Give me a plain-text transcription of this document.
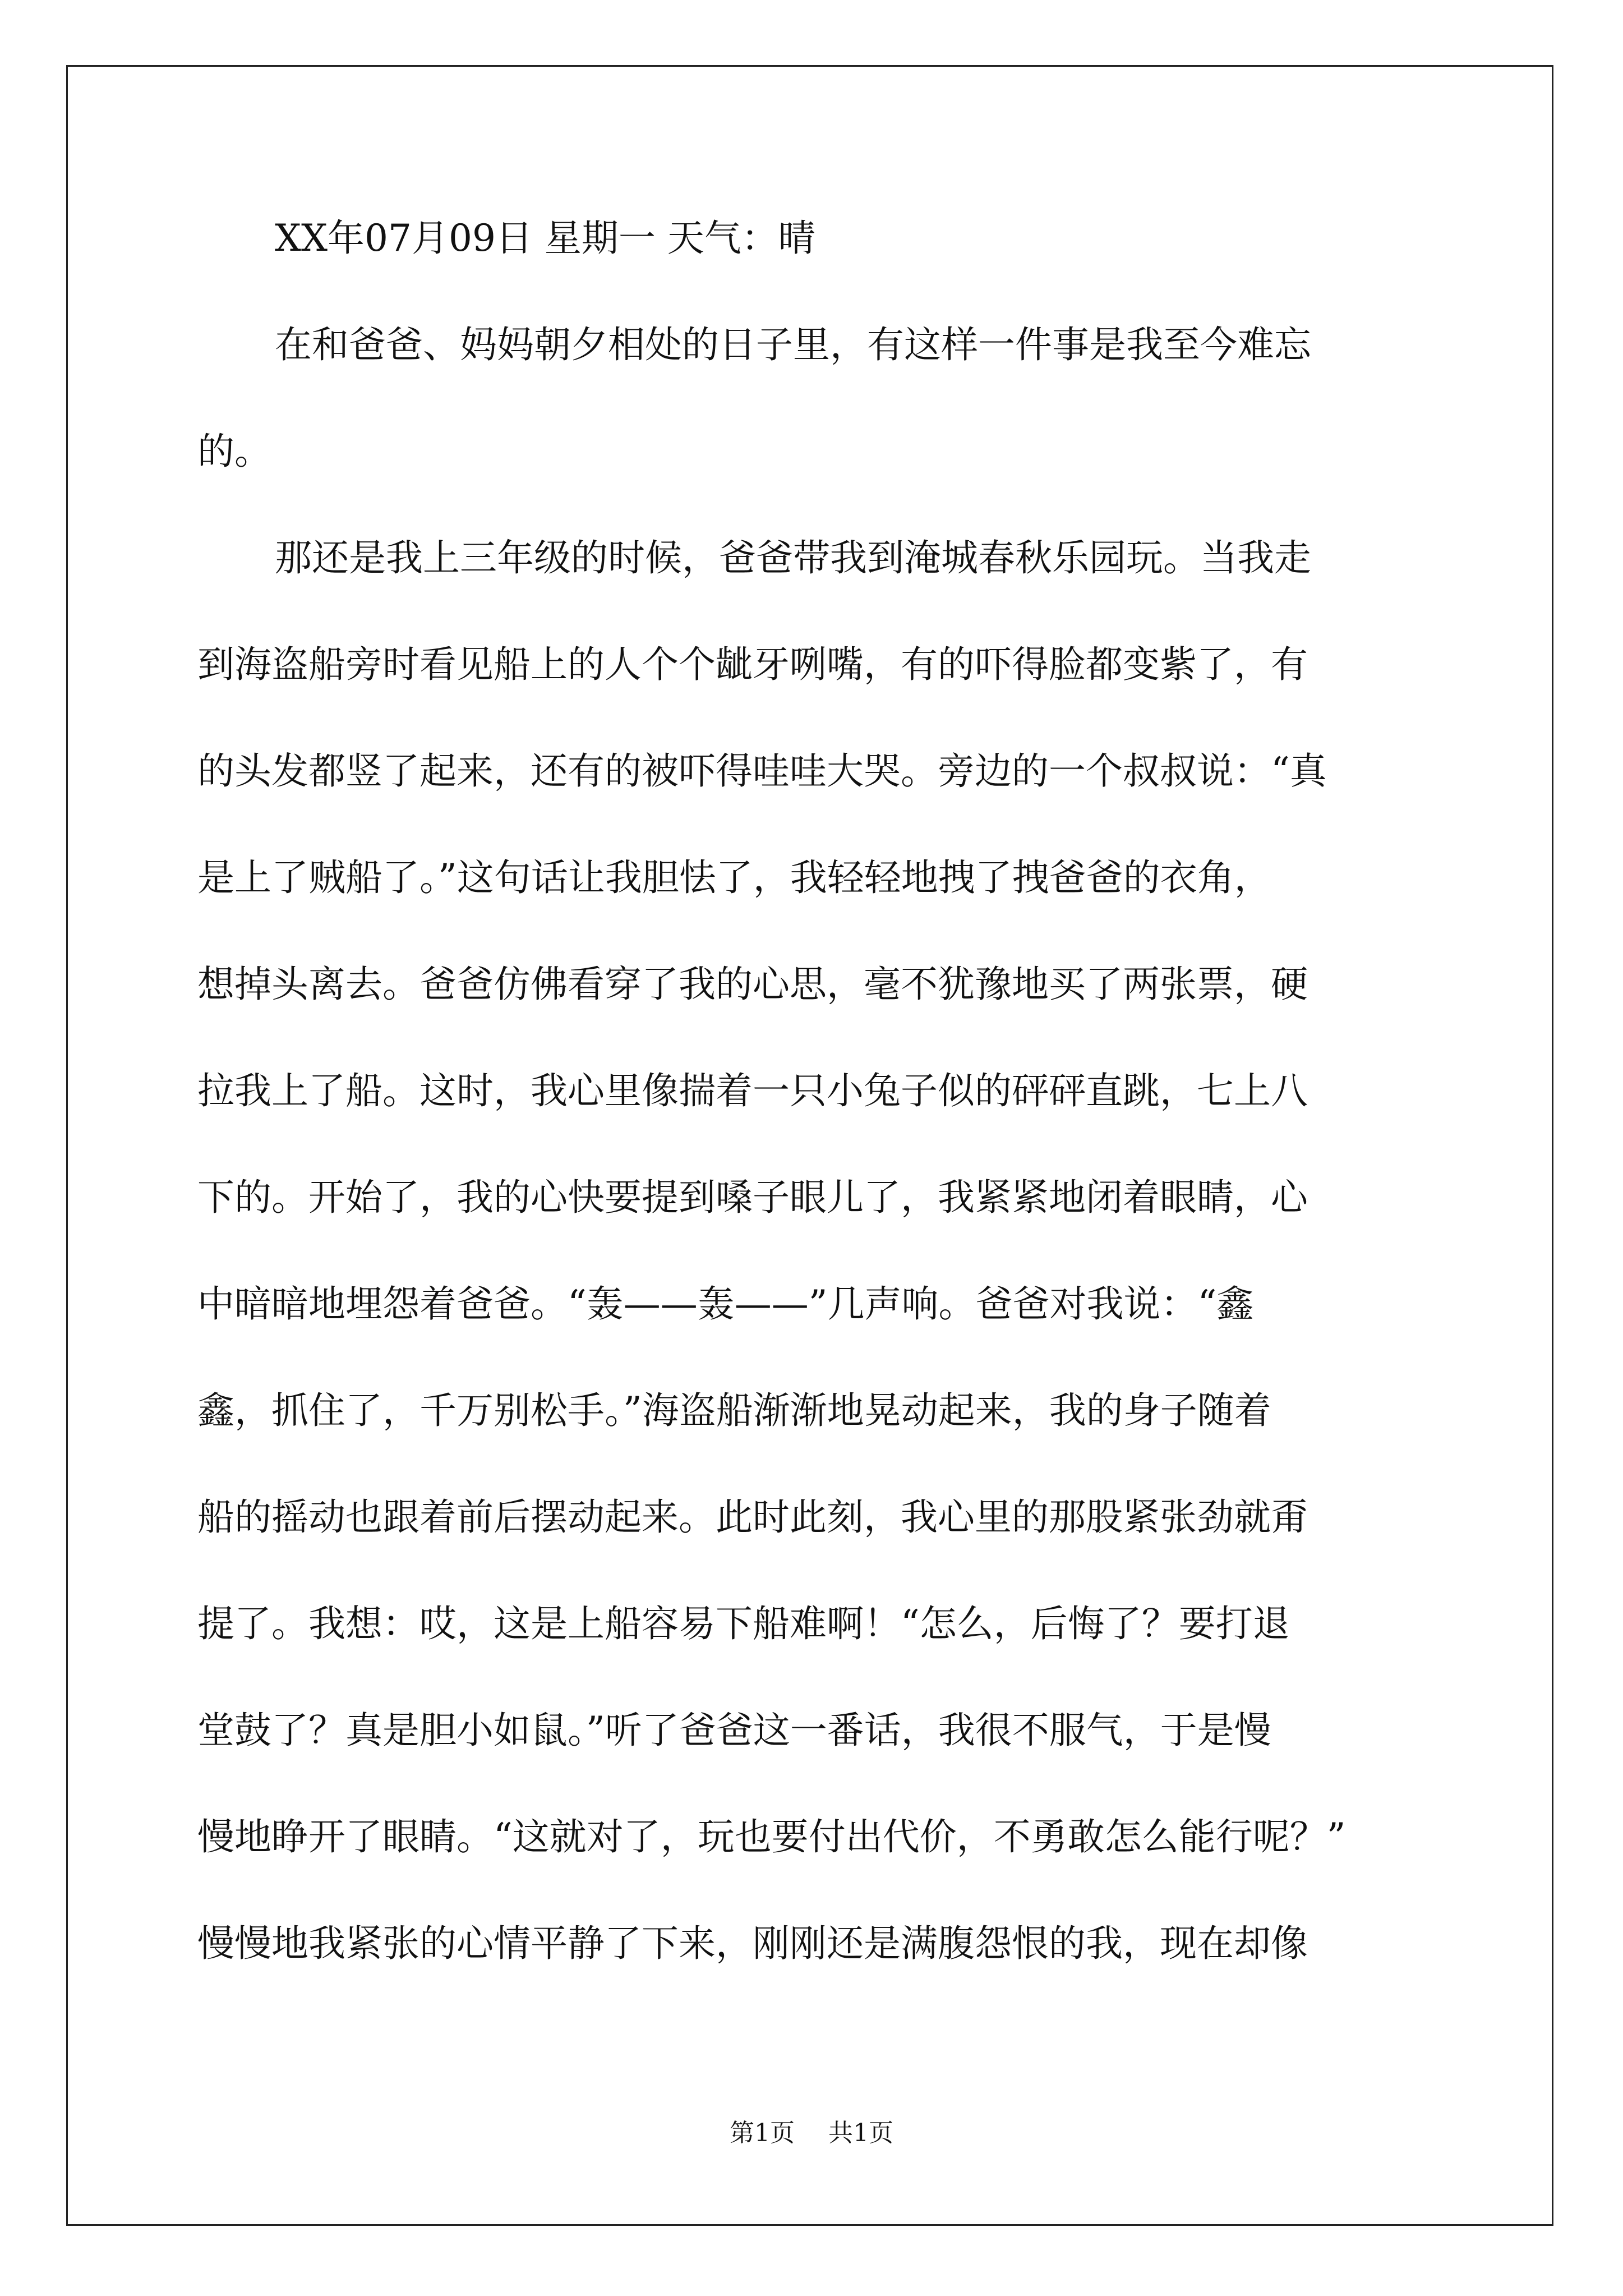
XX年07月09日 星期一 天气：晴
在和爸爸、妈妈朝夕相处的日子里，有这样一件事是我至今难忘
的。
那还是我上三年级的时候，爸爸带我到淹城春秋乐园玩。当我走
到海盗船旁时看见船上的人个个龇牙咧嘴，有的吓得脸都变紫了，有
的头发都竖了起来，还有的被吓得哇哇大哭。旁边的一个叔叔说：“真
是上了贼船了。”这句话让我胆怯了，我轻轻地拽了拽爸爸的衣角，
想掉头离去。爸爸仿佛看穿了我的心思，毫不犹豫地买了两张票，硬
拉我上了船。这时，我心里像揣着一只小兔子似的砰砰直跳，七上八
下的。开始了，我的心快要提到嗓子眼儿了，我紧紧地闭着眼睛，心
中暗暗地埋怨着爸爸。“轰——轰——”几声响。爸爸对我说：“鑫
鑫，抓住了，千万别松手。”海盗船渐渐地晃动起来，我的身子随着
船的摇动也跟着前后摆动起来。此时此刻，我心里的那股紧张劲就甭
提了。我想：哎，这是上船容易下船难啊！“怎么，后悔了？要打退
堂鼓了？真是胆小如鼠。”听了爸爸这一番话，我很不服气，于是慢
慢地睁开了眼睛。“这就对了，玩也要付出代价，不勇敢怎么能行呢？”
慢慢地我紧张的心情平静了下来，刚刚还是满腹怨恨的我，现在却像
第1页 共1页
